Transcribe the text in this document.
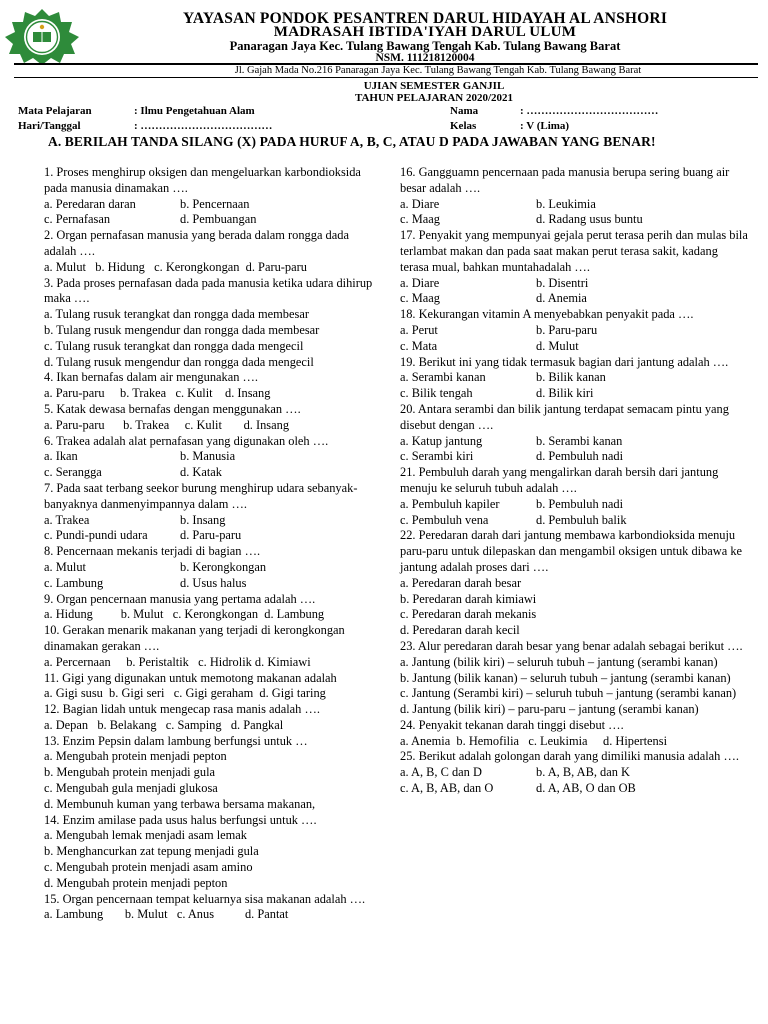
YAYASAN PONDOK PESANTREN DARUL HIDAYAH AL ANSHORI
MADRASAH IBTIDA'IYAH DARUL ULUM
Panaragan Jaya Kec. Tulang Bawang Tengah Kab. Tulang Bawang Barat
NSM. 111218120004
Jl. Gajah Mada No.216 Panaragan Jaya Kec. Tulang Bawang Tengah Kab. Tulang Bawang Barat
UJIAN SEMESTER GANJIL
TAHUN PELAJARAN 2020/2021
Mata Pelajaran	: Ilmu Pengetahuan Alam
Hari/Tanggal	: ………………………………
Nama	: ………………………………
Kelas	: V (Lima)
A. BERILAH TANDA SILANG (X) PADA HURUF A, B, C, ATAU D PADA JAWABAN YANG BENAR!

1. Proses menghirup oksigen dan mengeluarkan karbondioksida pada manusia dinamakan ….

a. Peredaran daran	b. Pencernaan
c. Pernafasan	d. Pembuangan

2. Organ pernafasan manusia yang berada dalam rongga dada adalah ….

a. Mulut   b. Hidung   c. Kerongkongan  d. Paru-paru

3. Pada proses pernafasan dada pada manusia ketika udara dihirup maka ….

a. Tulang rusuk terangkat dan rongga dada membesar

b. Tulang rusuk mengendur dan rongga dada membesar

c. Tulang rusuk terangkat dan rongga dada mengecil

d. Tulang rusuk mengendur dan rongga dada mengecil

4. Ikan bernafas dalam air mengunakan ….

a. Paru-paru     b. Trakea   c. Kulit    d. Insang

5. Katak dewasa bernafas dengan menggunakan ….

a. Paru-paru      b. Trakea     c. Kulit       d. Insang

6. Trakea adalah alat pernafasan yang digunakan oleh ….

a. Ikan	b. Manusia
c. Serangga	d. Katak

7. Pada saat terbang seekor burung menghirup udara sebanyak-banyaknya danmenyimpannya dalam ….

a. Trakea	b. Insang
c. Pundi-pundi udara	d. Paru-paru

8. Pencernaan mekanis terjadi di bagian ….

a. Mulut	b. Kerongkongan
c. Lambung	d. Usus halus

9. Organ pencernaan manusia yang pertama adalah ….

a. Hidung         b. Mulut   c. Kerongkongan  d. Lambung

10. Gerakan menarik makanan yang terjadi di kerongkongan dinamakan gerakan ….

a. Percernaan     b. Peristaltik   c. Hidrolik d. Kimiawi

11. Gigi yang digunakan untuk memotong makanan adalah

a. Gigi susu  b. Gigi seri   c. Gigi geraham  d. Gigi taring

12. Bagian lidah untuk mengecap rasa manis adalah ….

a. Depan   b. Belakang   c. Samping   d. Pangkal

13. Enzim Pepsin dalam lambung berfungsi untuk …

a. Mengubah protein menjadi pepton

b. Mengubah protein menjadi gula

c. Mengubah gula menjadi glukosa

d. Membunuh kuman yang terbawa bersama makanan,

14. Enzim amilase pada usus halus berfungsi untuk ….

a. Mengubah lemak menjadi asam lemak

b. Menghancurkan zat tepung menjadi gula

c. Mengubah protein menjadi asam amino

d. Mengubah protein menjadi pepton

15. Organ pencernaan tempat keluarnya sisa makanan adalah ….

a. Lambung       b. Mulut   c. Anus          d. Pantat

16. Gangguamn pencernaan pada manusia berupa sering buang air besar adalah ….

a. Diare	b. Leukimia
c. Maag	d. Radang usus buntu

17. Penyakit yang mempunyai gejala perut terasa perih dan mulas bila terlambat makan dan pada saat makan perut terasa sakit, kadang terasa mual, bahkan muntahadalah ….

a. Diare	b. Disentri
c. Maag	d. Anemia

18. Kekurangan vitamin A menyebabkan penyakit pada ….

a. Perut	b. Paru-paru
c. Mata	d. Mulut

19. Berikut ini yang tidak termasuk bagian dari jantung adalah ….

a. Serambi kanan	b. Bilik kanan
c. Bilik tengah	d. Bilik kiri

20. Antara serambi dan bilik jantung terdapat semacam pintu yang disebut dengan ….

a. Katup jantung	b. Serambi kanan
c. Serambi kiri	d. Pembuluh nadi

21. Pembuluh darah yang mengalirkan darah bersih dari jantung menuju ke seluruh tubuh adalah ….

a. Pembuluh kapiler	b. Pembuluh nadi
c. Pembuluh vena	d. Pembuluh balik

22. Peredaran darah dari jantung membawa karbondioksida menuju paru-paru untuk dilepaskan dan mengambil oksigen untuk dibawa ke jantung adalah proses dari ….

a. Peredaran darah besar

b. Peredaran darah kimiawi

c. Peredaran darah mekanis

d. Peredaran darah kecil

23. Alur peredaran darah besar yang benar adalah sebagai berikut ….

a. Jantung (bilik kiri) – seluruh tubuh – jantung (serambi kanan)

b. Jantung (bilik kanan) – seluruh tubuh – jantung (serambi kanan)

c. Jantung (Serambi kiri) – seluruh tubuh – jantung (serambi kanan)

d. Jantung (bilik kiri) – paru-paru – jantung (serambi kanan)

24. Penyakit tekanan darah tinggi disebut ….

a. Anemia  b. Hemofilia   c. Leukimia     d. Hipertensi

25. Berikut adalah golongan darah yang dimiliki manusia adalah ….

a. A, B, C dan D	b. A, B, AB, dan K
c. A, B, AB, dan O	d. A, AB, O dan OB
